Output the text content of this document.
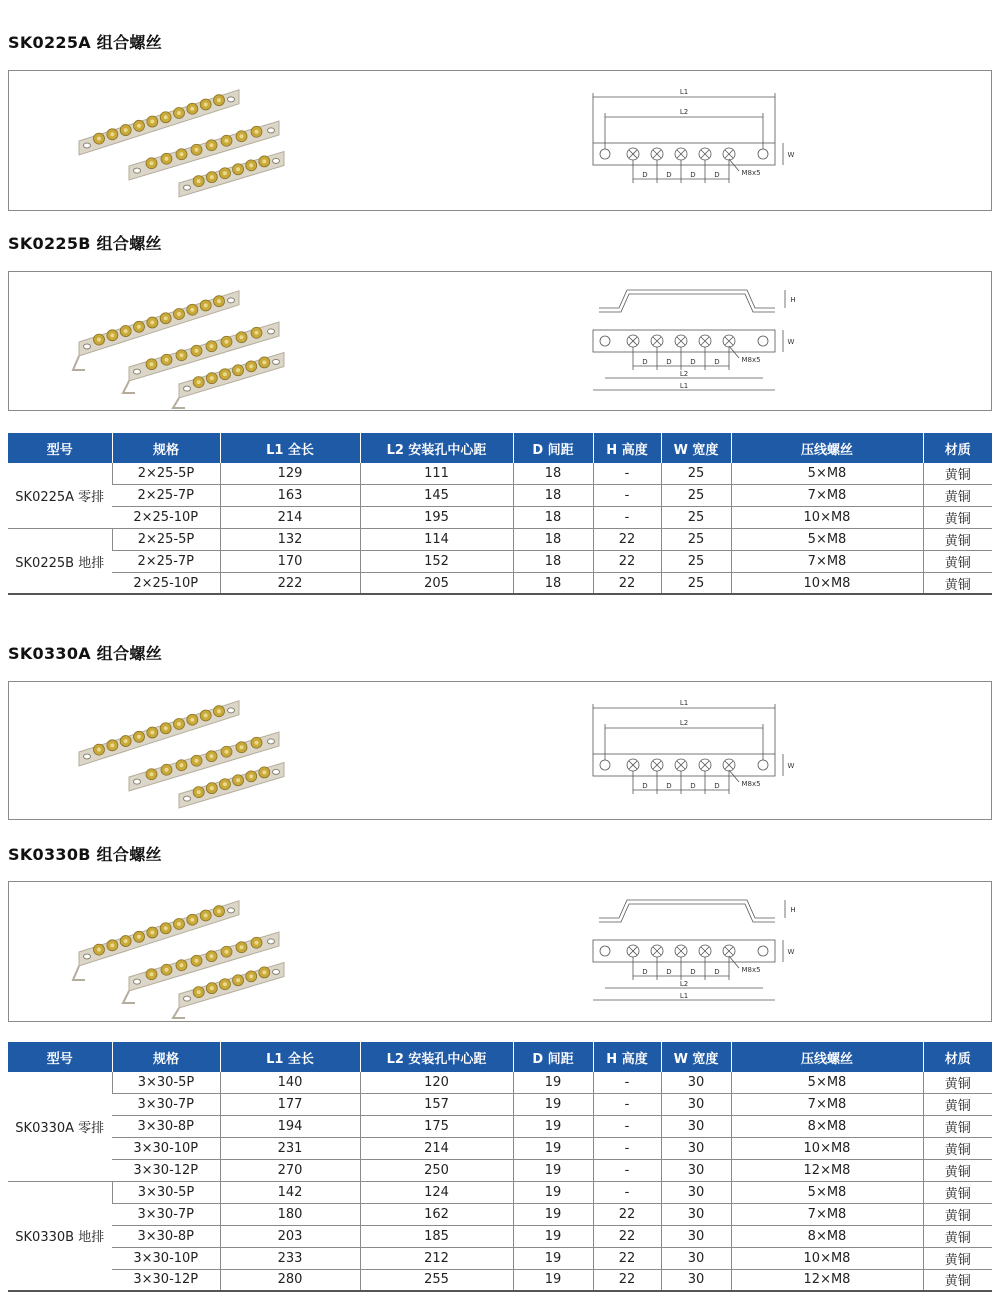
SK0225A 组合螺丝
W
D	D	D	D	M8x5
L1
L2
SK0225B 组合螺丝
H
W
D	D	D	D	M8x5
L2
L1
型号	规格	L1 全长	L2 安装孔中心距	D 间距	H 高度	W 宽度	压线螺丝	材质
SK0225A 零排	2×25-5P	129	111	18	-	25	5×M8	黄铜
	2×25-7P	163	145	18	-	25	7×M8	黄铜
	2×25-10P	214	195	18	-	25	10×M8	黄铜
SK0225B 地排	2×25-5P	132	114	18	22	25	5×M8	黄铜
	2×25-7P	170	152	18	22	25	7×M8	黄铜
	2×25-10P	222	205	18	22	25	10×M8	黄铜
SK0330A 组合螺丝
W
D	D	D	D	M8x5
L1
L2
SK0330B 组合螺丝
H
W
D	D	D	D	M8x5
L2
L1
型号	规格	L1 全长	L2 安装孔中心距	D 间距	H 高度	W 宽度	压线螺丝	材质
SK0330A 零排	3×30-5P	140	120	19	-	30	5×M8	黄铜
	3×30-7P	177	157	19	-	30	7×M8	黄铜
	3×30-8P	194	175	19	-	30	8×M8	黄铜
	3×30-10P	231	214	19	-	30	10×M8	黄铜
	3×30-12P	270	250	19	-	30	12×M8	黄铜
SK0330B 地排	3×30-5P	142	124	19	-	30	5×M8	黄铜
	3×30-7P	180	162	19	22	30	7×M8	黄铜
	3×30-8P	203	185	19	22	30	8×M8	黄铜
	3×30-10P	233	212	19	22	30	10×M8	黄铜
	3×30-12P	280	255	19	22	30	12×M8	黄铜
